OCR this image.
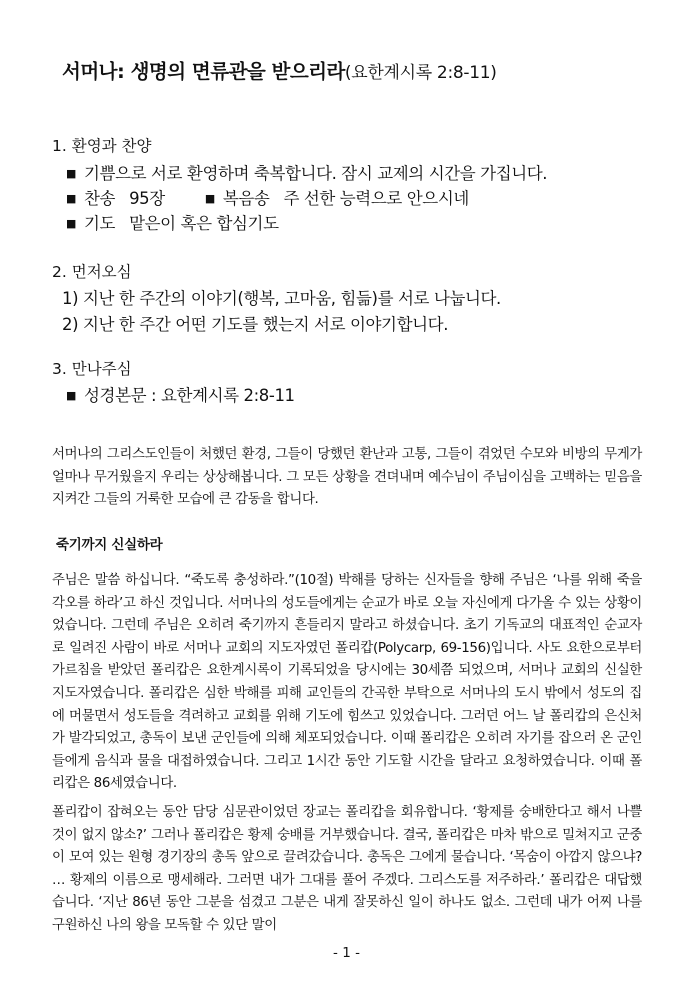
서머나: 생명의 면류관을 받으리라(요한계시록 2:8-11)
1. 환영과 찬양
■ 기쁨으로 서로 환영하며 축복합니다. 잠시 교제의 시간을 가집니다.
■ 찬송 95장	■ 복음송 주 선한 능력으로 안으시네
■ 기도 맡은이 혹은 합심기도
2. 먼저오심
1) 지난 한 주간의 이야기(행복, 고마움, 힘듦)를 서로 나눕니다.
2) 지난 한 주간 어떤 기도를 했는지 서로 이야기합니다.
3. 만나주심
■ 성경본문 : 요한계시록 2:8-11

서머나의 그리스도인들이 처했던 환경, 그들이 당했던 환난과 고통, 그들이 겪었던 수모와 비방의 무게가 얼마나 무거웠을지 우리는 상상해봅니다. 그 모든 상황을 견뎌내며 예수님이 주님이심을 고백하는 믿음을 지켜간 그들의 거룩한 모습에 큰 감동을 합니다.

죽기까지 신실하라

주님은 말씀 하십니다. “죽도록 충성하라.”(10절) 박해를 당하는 신자들을 향해 주님은 ‘나를 위해 죽을 각오를 하라’고 하신 것입니다. 서머나의 성도들에게는 순교가 바로 오늘 자신에게 다가올 수 있는 상황이었습니다. 그런데 주님은 오히려 죽기까지 흔들리지 말라고 하셨습니다. 초기 기독교의 대표적인 순교자로 일려진 사람이 바로 서머나 교회의 지도자였던 폴리캅(Polycarp, 69-156)입니다. 사도 요한으로부터 가르침을 받았던 폴리캅은 요한계시록이 기록되었을 당시에는 30세쯤 되었으며, 서머나 교회의 신실한 지도자였습니다. 폴리캅은 심한 박해를 피해 교인들의 간곡한 부탁으로 서머나의 도시 밖에서 성도의 집에 머물면서 성도들을 격려하고 교회를 위해 기도에 힘쓰고 있었습니다. 그러던 어느 날 폴리캅의 은신처가 발각되었고, 총독이 보낸 군인들에 의해 체포되었습니다. 이때 폴리캅은 오히려 자기를 잡으러 온 군인들에게 음식과 물을 대접하였습니다. 그리고 1시간 동안 기도할 시간을 달라고 요청하였습니다. 이때 폴리캅은 86세였습니다.

폴리캅이 잡혀오는 동안 담당 심문관이었던 장교는 폴리캅을 회유합니다. ‘황제를 숭배한다고 해서 나쁠 것이 없지 않소?’ 그러나 폴리캅은 황제 숭배를 거부했습니다. 결국, 폴리캅은 마차 밖으로 밀쳐지고 군중이 모여 있는 원형 경기장의 총독 앞으로 끌려갔습니다. 총독은 그에게 물습니다. ‘목숨이 아깝지 않으냐? … 황제의 이름으로 맹세해라. 그러면 내가 그대를 풀어 주겠다. 그리스도를 저주하라.’ 폴리캅은 대답했습니다. ‘지난 86년 동안 그분을 섬겼고 그분은 내게 잘못하신 일이 하나도 없소. 그런데 내가 어찌 나를 구원하신 나의 왕을 모독할 수 있단 말이

- 1 -
